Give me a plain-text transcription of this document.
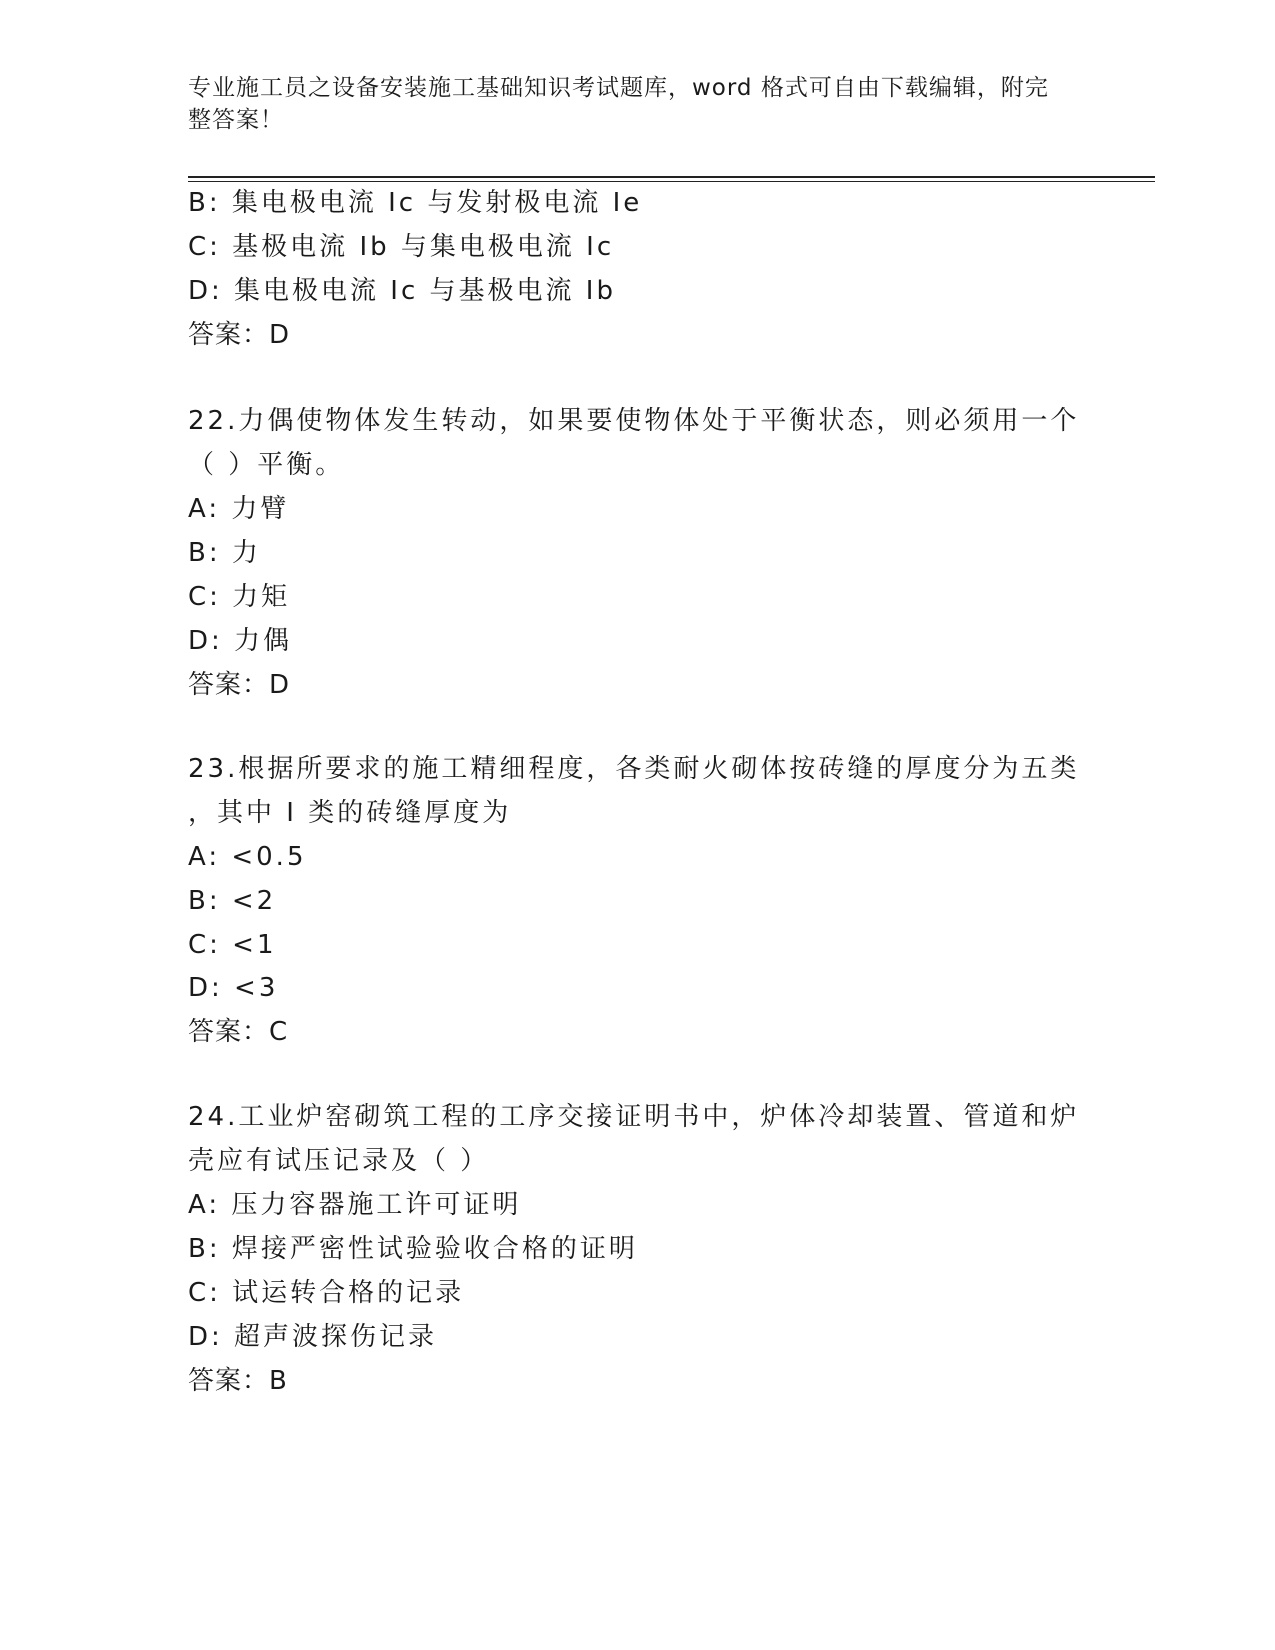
专业施工员之设备安装施工基础知识考试题库，word 格式可自由下载编辑，附完
整答案！
B: 集电极电流 Ic 与发射极电流 Ie
C: 基极电流 Ib 与集电极电流 Ic
D: 集电极电流 Ic 与基极电流 Ib
答案：D
22.力偶使物体发生转动，如果要使物体处于平衡状态，则必须用一个
（ ）平衡。
A: 力臂
B: 力
C: 力矩
D: 力偶
答案：D
23.根据所要求的施工精细程度，各类耐火砌体按砖缝的厚度分为五类
，其中 I 类的砖缝厚度为
A: <0.5
B: <2
C: <1
D: <3
答案：C
24.工业炉窑砌筑工程的工序交接证明书中，炉体冷却装置、管道和炉
壳应有试压记录及（ ）
A: 压力容器施工许可证明
B: 焊接严密性试验验收合格的证明
C: 试运转合格的记录
D: 超声波探伤记录
答案：B
